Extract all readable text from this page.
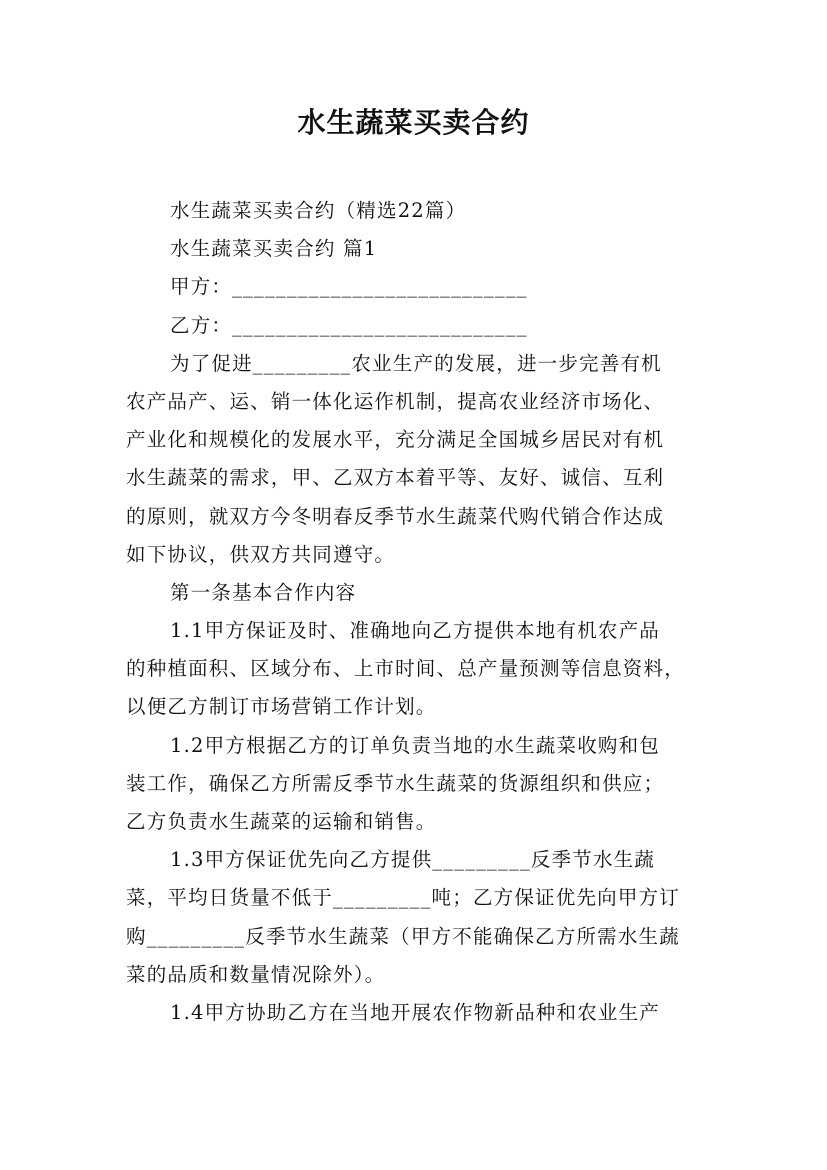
水生蔬菜买卖合约
水生蔬菜买卖合约（精选22篇）
水生蔬菜买卖合约 篇1
甲方：___________________________
乙方：___________________________
为了促进_________农业生产的发展，进一步完善有机
农产品产、运、销一体化运作机制，提高农业经济市场化、
产业化和规模化的发展水平，充分满足全国城乡居民对有机
水生蔬菜的需求，甲、乙双方本着平等、友好、诚信、互利
的原则，就双方今冬明春反季节水生蔬菜代购代销合作达成
如下协议，供双方共同遵守。
第一条基本合作内容
1.1甲方保证及时、准确地向乙方提供本地有机农产品
的种植面积、区域分布、上市时间、总产量预测等信息资料，
以便乙方制订市场营销工作计划。
1.2甲方根据乙方的订单负责当地的水生蔬菜收购和包
装工作，确保乙方所需反季节水生蔬菜的货源组织和供应；
乙方负责水生蔬菜的运输和销售。
1.3甲方保证优先向乙方提供_________反季节水生蔬
菜，平均日货量不低于_________吨；乙方保证优先向甲方订
购_________反季节水生蔬菜（甲方不能确保乙方所需水生蔬
菜的品质和数量情况除外）。
1.4甲方协助乙方在当地开展农作物新品种和农业生产
